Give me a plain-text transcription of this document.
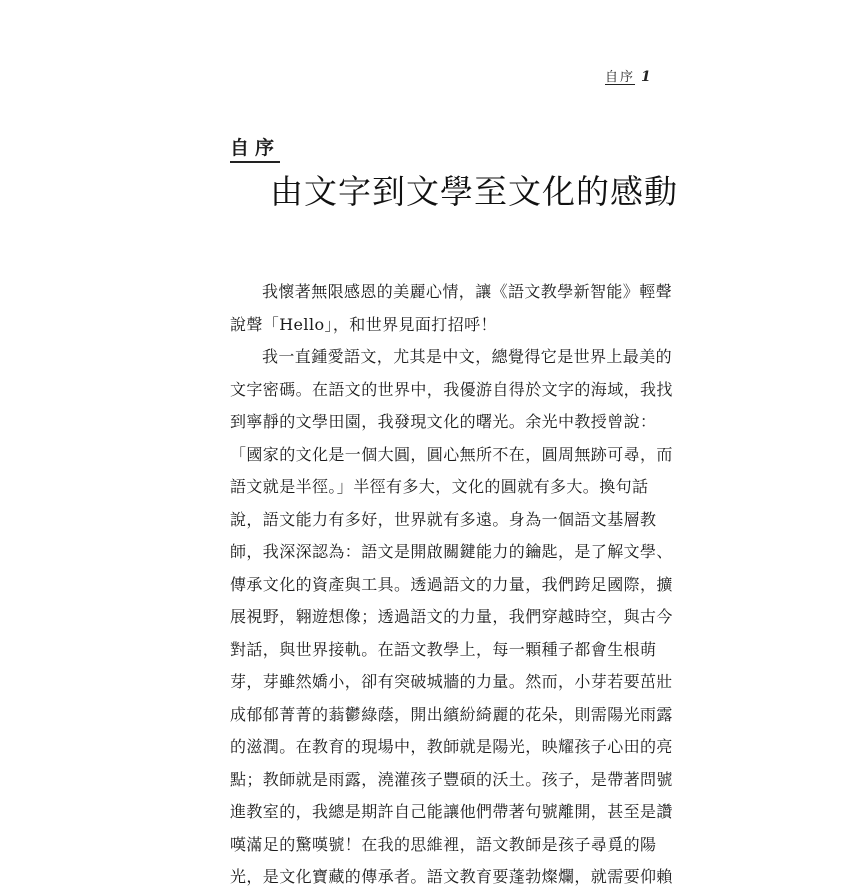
自序 1
自序
由文字到文學至文化的感動
我懷著無限感恩的美麗心情，讓《語文教學新智能》輕聲
說聲「Hello」，和世界見面打招呼！
我一直鍾愛語文，尤其是中文，總覺得它是世界上最美的
文字密碼。在語文的世界中，我優游自得於文字的海域，我找
到寧靜的文學田園，我發現文化的曙光。余光中教授曾說：
「國家的文化是一個大圓，圓心無所不在，圓周無跡可尋，而
語文就是半徑。」半徑有多大，文化的圓就有多大。換句話
說，語文能力有多好，世界就有多遠。身為一個語文基層教
師，我深深認為：語文是開啟關鍵能力的鑰匙，是了解文學、
傳承文化的資產與工具。透過語文的力量，我們跨足國際，擴
展視野，翱遊想像；透過語文的力量，我們穿越時空，與古今
對話，與世界接軌。在語文教學上，每一顆種子都會生根萌
芽，芽雖然嬌小，卻有突破城牆的力量。然而，小芽若要茁壯
成郁郁菁菁的蓊鬱綠蔭，開出繽紛綺麗的花朵，則需陽光雨露
的滋潤。在教育的現場中，教師就是陽光，映耀孩子心田的亮
點；教師就是雨露，澆灌孩子豐碩的沃土。孩子，是帶著問號
進教室的，我總是期許自己能讓他們帶著句號離開，甚至是讚
嘆滿足的驚嘆號！在我的思維裡，語文教師是孩子尋覓的陽
光，是文化寶藏的傳承者。語文教育要蓬勃燦爛，就需要仰賴
